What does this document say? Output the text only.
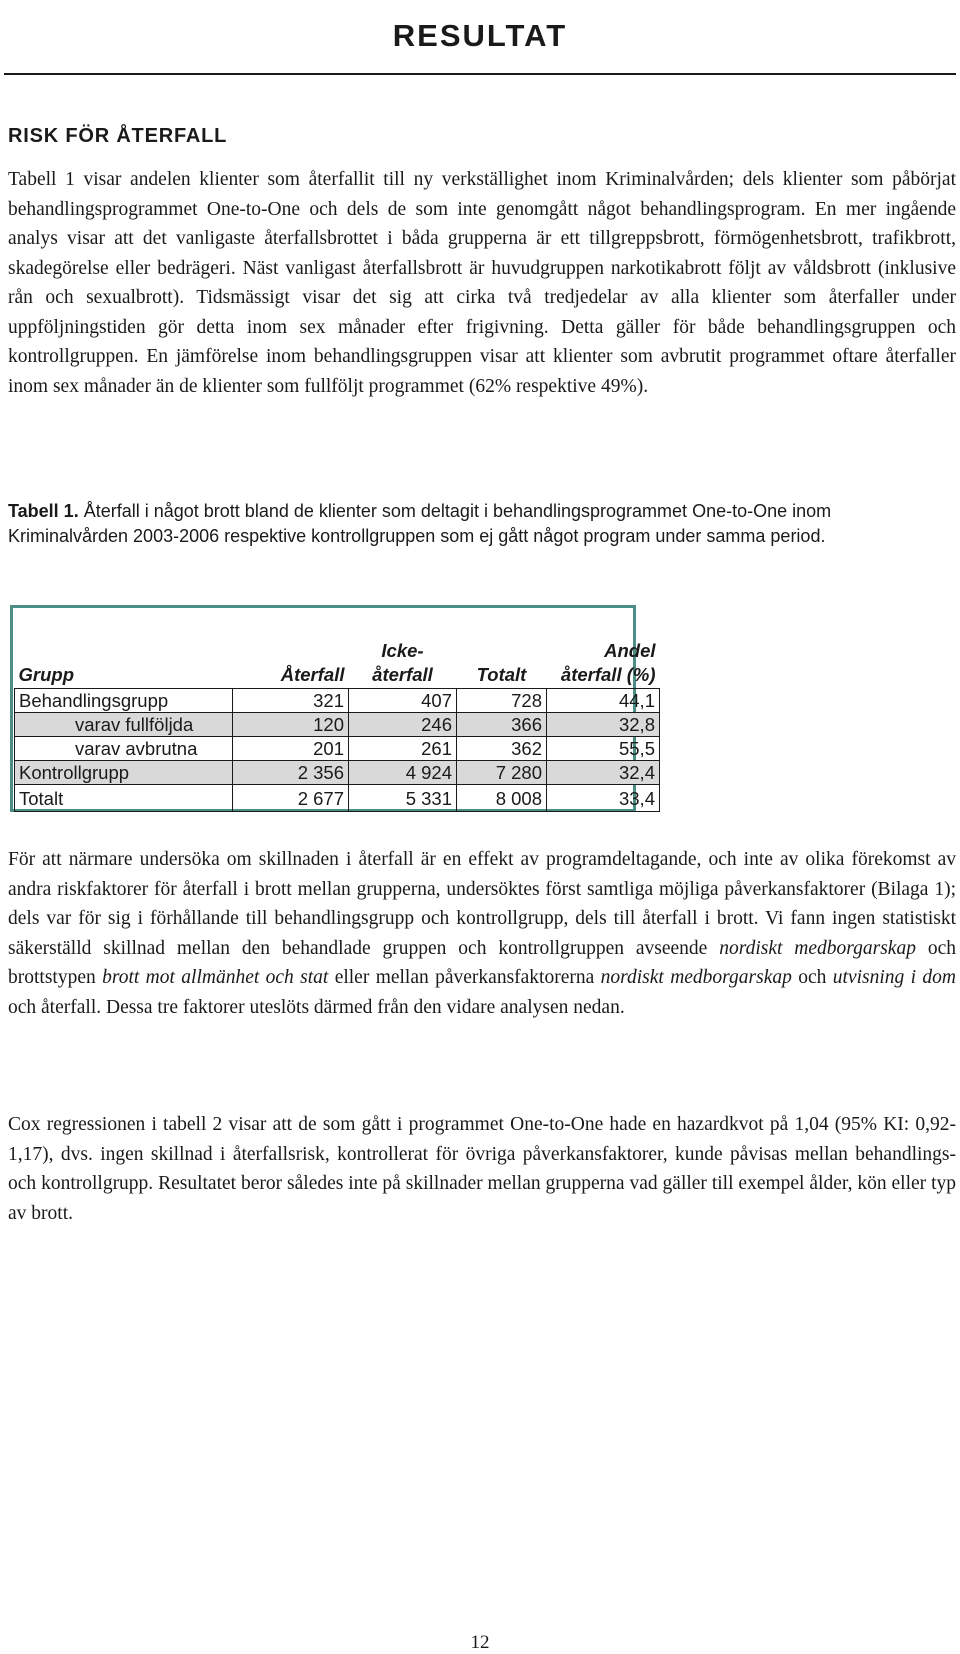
RESULTAT
RISK FÖR ÅTERFALL

Tabell 1 visar andelen klienter som återfallit till ny verkställighet inom Kriminalvården; dels klienter som påbörjat behandlingsprogrammet One-to-One och dels de som inte genomgått något behandlingsprogram. En mer ingående analys visar att det vanligaste återfallsbrottet i båda grupperna är ett tillgreppsbrott, förmögenhetsbrott, trafikbrott, skadegörelse eller bedrägeri. Näst vanligast återfallsbrott är huvudgruppen narkotikabrott följt av våldsbrott (inklusive rån och sexualbrott). Tidsmässigt visar det sig att cirka två tredjedelar av alla klienter som återfaller under uppföljningstiden gör detta inom sex månader efter frigivning. Detta gäller för både behandlingsgruppen och kontrollgruppen. En jämförelse inom behandlingsgruppen visar att klienter som avbrutit programmet oftare återfaller inom sex månader än de klienter som fullföljt programmet (62% respektive 49%).

Tabell 1. Återfall i något brott bland de klienter som deltagit i behandlingsprogrammet One-to-One inom Kriminalvården 2003-2006 respektive kontrollgruppen som ej gått något program under samma period.

Grupp	Återfall	Icke-återfall	Totalt	Andel återfall (%)
Behandlingsgrupp	321	407	728	44,1
varav fullföljda	120	246	366	32,8
varav avbrutna	201	261	362	55,5
Kontrollgrupp	2 356	4 924	7 280	32,4
Totalt	2 677	5 331	8 008	33,4

För att närmare undersöka om skillnaden i återfall är en effekt av programdeltagande, och inte av olika förekomst av andra riskfaktorer för återfall i brott mellan grupperna, undersöktes först samtliga möjliga påverkansfaktorer (Bilaga 1); dels var för sig i förhållande till behandlingsgrupp och kontrollgrupp, dels till återfall i brott. Vi fann ingen statistiskt säkerställd skillnad mellan den behandlade gruppen och kontrollgruppen avseende nordiskt medborgarskap och brottstypen brott mot allmänhet och stat eller mellan påverkansfaktorerna nordiskt medborgarskap och utvisning i dom och återfall. Dessa tre faktorer uteslöts därmed från den vidare analysen nedan.

Cox regressionen i tabell 2 visar att de som gått i programmet One-to-One hade en hazardkvot på 1,04 (95% KI: 0,92-1,17), dvs. ingen skillnad i återfallsrisk, kontrollerat för övriga påverkansfaktorer, kunde påvisas mellan behandlings- och kontrollgrupp. Resultatet beror således inte på skillnader mellan grupperna vad gäller till exempel ålder, kön eller typ av brott.

12
